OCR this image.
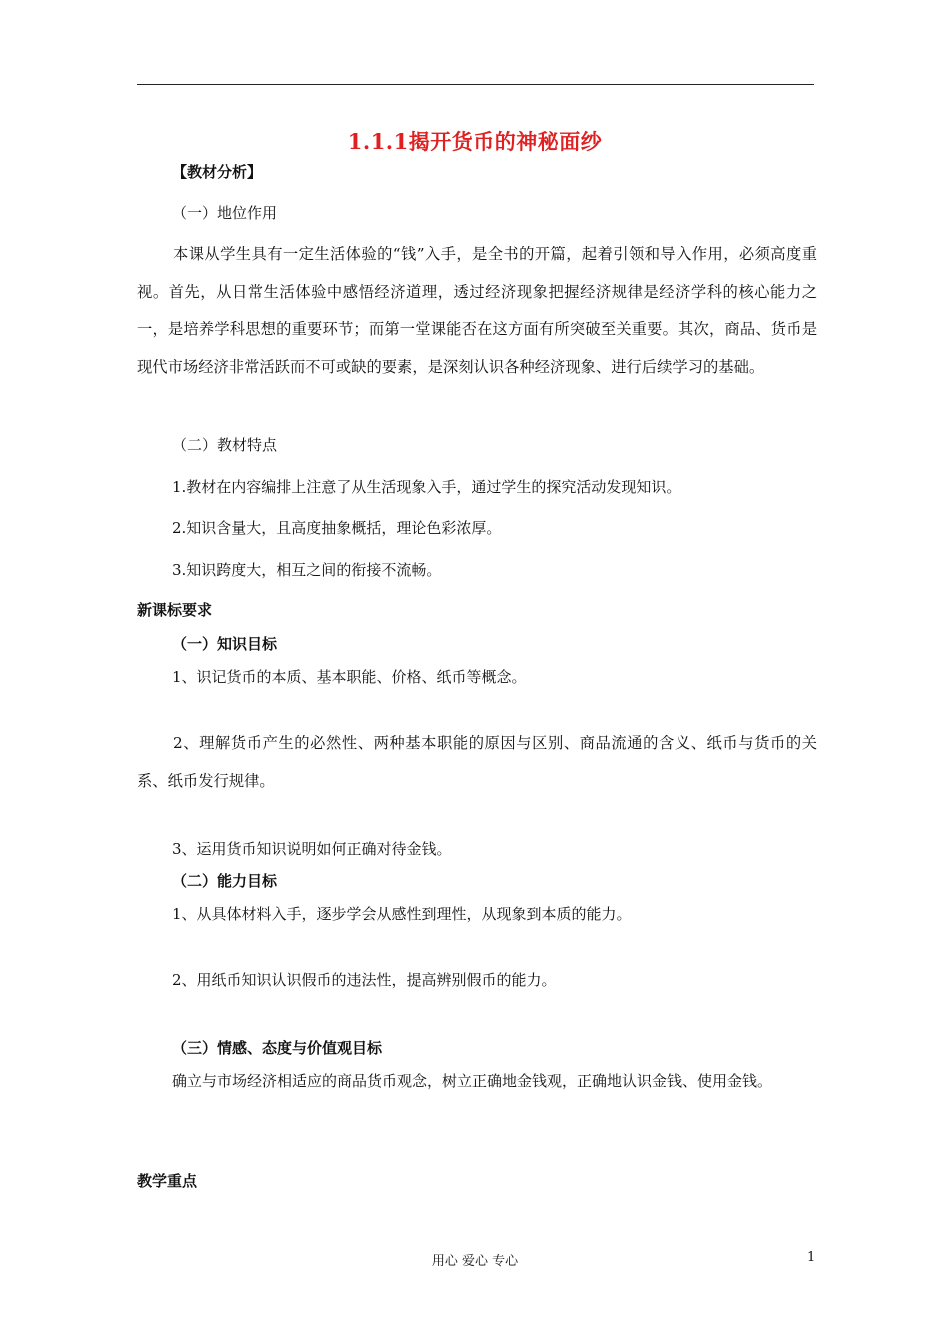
1.1.1揭开货币的神秘面纱
【教材分析】
（一）地位作用
本课从学生具有一定生活体验的“钱”入手，是全书的开篇，起着引领和导入作用，必须高度重视。首先，从日常生活体验中感悟经济道理，透过经济现象把握经济规律是经济学科的核心能力之一，是培养学科思想的重要环节；而第一堂课能否在这方面有所突破至关重要。其次，商品、货币是现代市场经济非常活跃而不可或缺的要素，是深刻认识各种经济现象、进行后续学习的基础。
（二）教材特点
1.教材在内容编排上注意了从生活现象入手，通过学生的探究活动发现知识。
2.知识含量大，且高度抽象概括，理论色彩浓厚。
3.知识跨度大，相互之间的衔接不流畅。
新课标要求
（一）知识目标
1、识记货币的本质、基本职能、价格、纸币等概念。
2、理解货币产生的必然性、两种基本职能的原因与区别、商品流通的含义、纸币与货币的关系、纸币发行规律。
3、运用货币知识说明如何正确对待金钱。
（二）能力目标
1、从具体材料入手，逐步学会从感性到理性，从现象到本质的能力。
2、用纸币知识认识假币的违法性，提高辨别假币的能力。
（三）情感、态度与价值观目标
确立与市场经济相适应的商品货币观念，树立正确地金钱观，正确地认识金钱、使用金钱。
教学重点
用心 爱心 专心	1
